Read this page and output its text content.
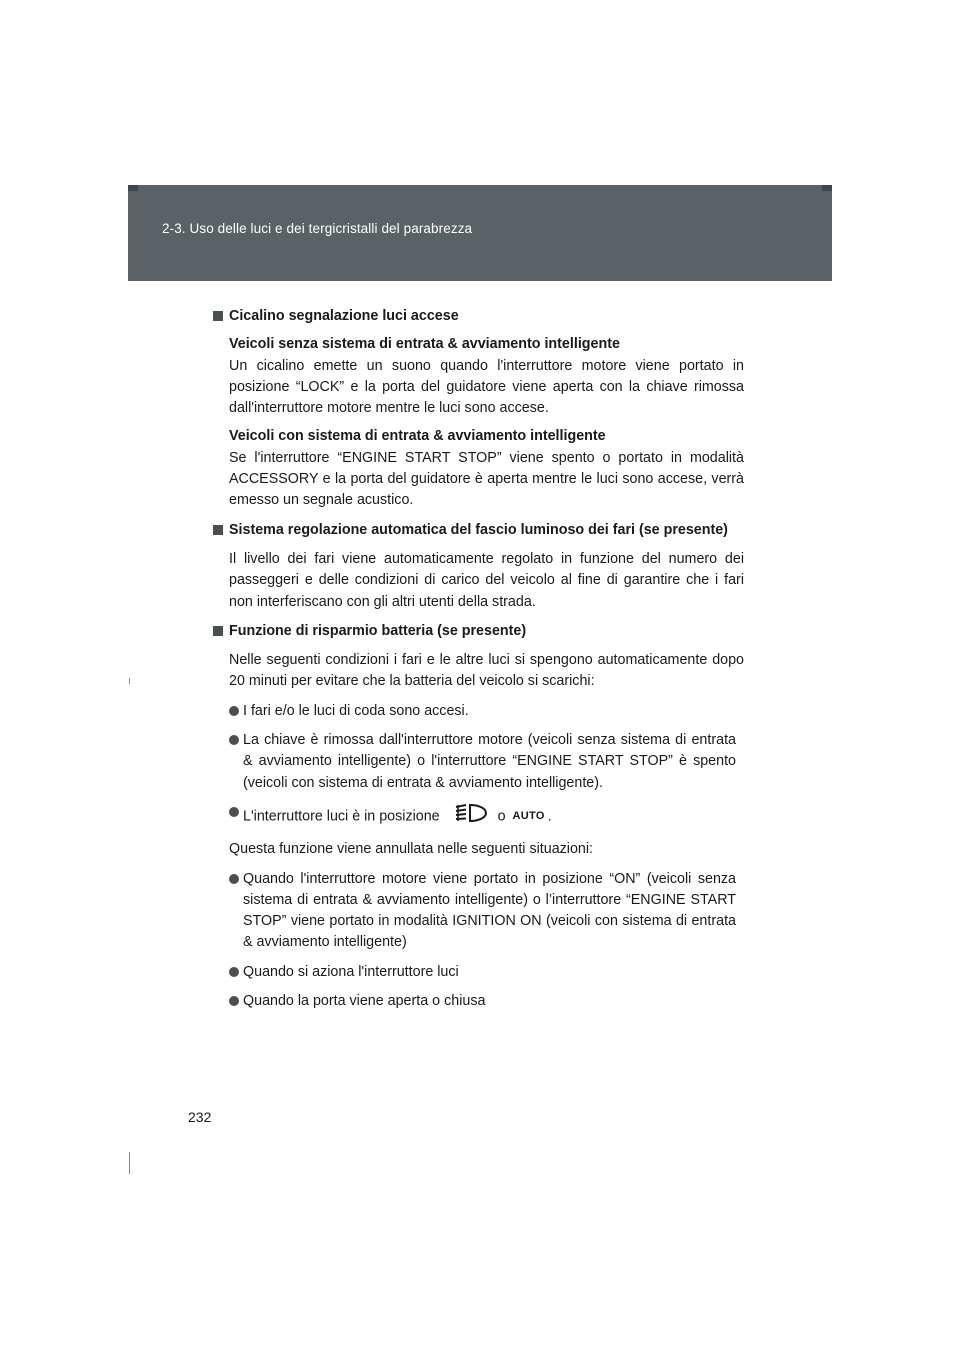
2-3. Uso delle luci e dei tergicristalli del parabrezza
Cicalino segnalazione luci accese
Veicoli senza sistema di entrata & avviamento intelligente
Un cicalino emette un suono quando l'interruttore motore viene portato in posizione “LOCK” e la porta del guidatore viene aperta con la chiave rimossa dall'interruttore motore mentre le luci sono accese.
Veicoli con sistema di entrata & avviamento intelligente
Se l'interruttore “ENGINE START STOP” viene spento o portato in modalità ACCESSORY e la porta del guidatore è aperta mentre le luci sono accese, verrà emesso un segnale acustico.
Sistema regolazione automatica del fascio luminoso dei fari (se presente)
Il livello dei fari viene automaticamente regolato in funzione del numero dei passeggeri e delle condizioni di carico del veicolo al fine di garantire che i fari non interferiscano con gli altri utenti della strada.
Funzione di risparmio batteria (se presente)
Nelle seguenti condizioni i fari e le altre luci si spengono automaticamente dopo 20 minuti per evitare che la batteria del veicolo si scarichi:
I fari e/o le luci di coda sono accesi.
La chiave è rimossa dall'interruttore motore (veicoli senza sistema di entrata & avviamento intelligente) o l'interruttore “ENGINE START STOP” è spento (veicoli con sistema di entrata & avviamento intelligente).
L'interruttore luci è in posizione	o AUTO .
Questa funzione viene annullata nelle seguenti situazioni:
Quando l'interruttore motore viene portato in posizione “ON” (veicoli senza sistema di entrata & avviamento intelligente) o l’interruttore “ENGINE START STOP” viene portato in modalità IGNITION ON (veicoli con sistema di entrata & avviamento intelligente)
Quando si aziona l'interruttore luci
Quando la porta viene aperta o chiusa
232
